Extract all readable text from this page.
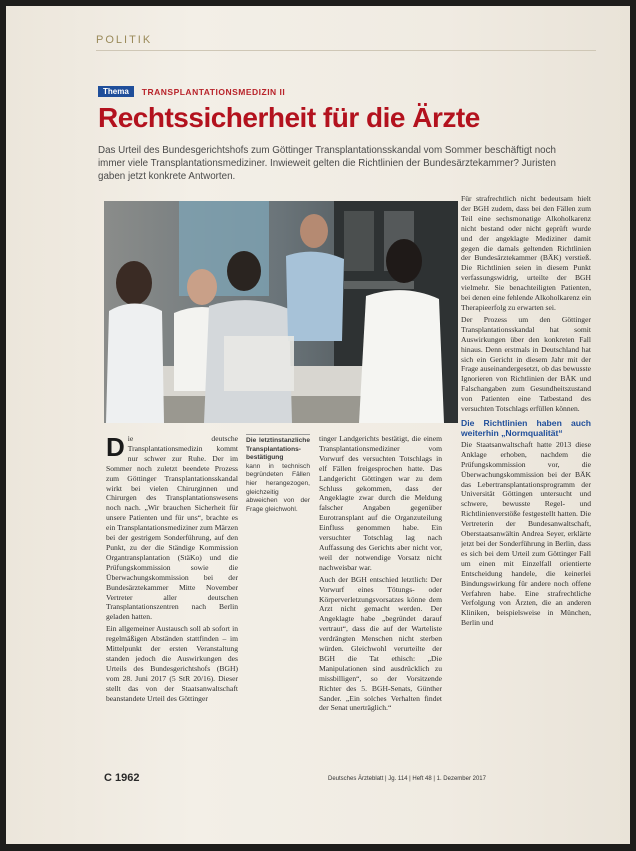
POLITIK
Thema	TRANSPLANTATIONSMEDIZIN II
Rechtssicherheit für die Ärzte

Das Urteil des Bundesgerichtshofs zum Göttinger Transplantationsskandal vom Sommer beschäftigt noch immer viele Transplantationsmediziner. Inwieweit gelten die Richtlinien der Bundesärztekammer? Juristen gaben jetzt konkrete Antworten.

Die deutsche Transplantationsmedizin kommt nur schwer zur Ruhe. Der im Sommer noch zuletzt beendete Prozess zum Göttinger Transplantationsskandal wirkt bei vielen Chirurginnen und Chirurgen des Transplantationswesens noch nach. „Wir brauchen Sicherheit für unsere Patienten und für uns“, brachte es ein Transplantationsmediziner zum Märzen bei der gestrigem Sonderführung, auf den Punkt, zu der die Ständige Kommission Organtransplantation (StäKo) und die Prüfungskommission sowie die Überwachungskommission bei der Bundesärztekammer Mitte November Vertreter aller deutschen Transplantationszentren nach Berlin geladen hatten.

Ein allgemeiner Austausch soll ab sofort in regelmäßigen Abständen stattfinden – im Mittelpunkt der ersten Veranstaltung standen jedoch die Auswirkungen des Urteils des Bundesgerichtshofs (BGH) vom 28. Juni 2017 (5 StR 20/16). Dieser stellt das von der Staatsanwaltschaft beanstandete Urteil des Göttinger

Die letztinstanzliche Transplantationsbestätigung
kann in technisch begründeten Fällen hier herangezogen, gleichzeitig abweichen von der Frage gleichwohl.

tinger Landgerichts bestätigt, die einem Transplantationsmediziner vom Vorwurf des versuchten Totschlags in elf Fällen freigesprochen hatte. Das Landgericht Göttingen war zu dem Schluss gekommen, dass der Angeklagte zwar durch die Meldung falscher Angaben gegenüber Eurotransplant auf die Organzuteilung Einfluss genommen habe. Ein versuchter Totschlag lag nach Auffassung des Gerichts aber nicht vor, weil der notwendige Vorsatz nicht nachweisbar war.

Auch der BGH entschied letztlich: Der Vorwurf eines Tötungs- oder Körperverletzungsvorsatzes könne dem Arzt nicht gemacht werden. Der Angeklagte habe „begründet darauf vertraut“, dass die auf der Warteliste verdrängten Menschen nicht sterben würden. Gleichwohl verurteilte der BGH die Tat ethisch: „Die Manipulationen sind ausdrücklich zu missbilligen“, so der Vorsitzende Richter des 5. BGH-Senats, Günther Sander. „Ein solches Verhalten findet der Senat unerträglich.“

Für strafrechtlich nicht bedeutsam hielt der BGH zudem, dass bei den Fällen zum Teil eine sechsmonatige Alkoholkarenz nicht bestand oder nicht geprüft wurde und der angeklagte Mediziner damit gegen die damals geltenden Richtlinien der Bundesärztekammer (BÄK) verstieß. Die Richtlinien seien in diesem Punkt verfassungswidrig, urteilte der BGH vielmehr. Sie benachteiligten Patienten, bei denen eine fehlende Alkoholkarenz ein Therapieerfolg zu erwarten sei.

Der Prozess um den Göttinger Transplantationsskandal hat somit Auswirkungen über den konkreten Fall hinaus. Denn erstmals in Deutschland hat sich ein Gericht in diesem Jahr mit der Frage auseinandergesetzt, ob das bewusste Ignorieren von Richtlinien der BÄK und Falschangaben zum Gesundheitszustand von Patienten eine Tatbestand des versuchten Totschlags erfüllen können.

Die Richtlinien haben auch weiterhin „Normqualität“

Die Staatsanwaltschaft hatte 2013 diese Anklage erhoben, nachdem die Prüfungskommission vor, die Überwachungskommission bei der BÄK das Lebertransplantationsprogramm der Universität Göttingen untersucht und schwere, bewusste Regel- und Richtlinienverstöße festgestellt hatten. Die Vertreterin der Bundesanwaltschaft, Oberstaatsanwältin Andrea Seyer, erklärte jetzt bei der Sonderführung in Berlin, dass es sich bei dem Urteil zum Göttinger Fall um einen mit Einzelfall orientierte Entscheidung handele, die keinerlei Bindungswirkung für andere noch offene Verfahren habe. Eine strafrechtliche Verfolgung von Ärzten, die an anderen Kliniken, beispielsweise in München, Berlin und

C 1962	Deutsches Ärzteblatt | Jg. 114 | Heft 48 | 1. Dezember 2017
